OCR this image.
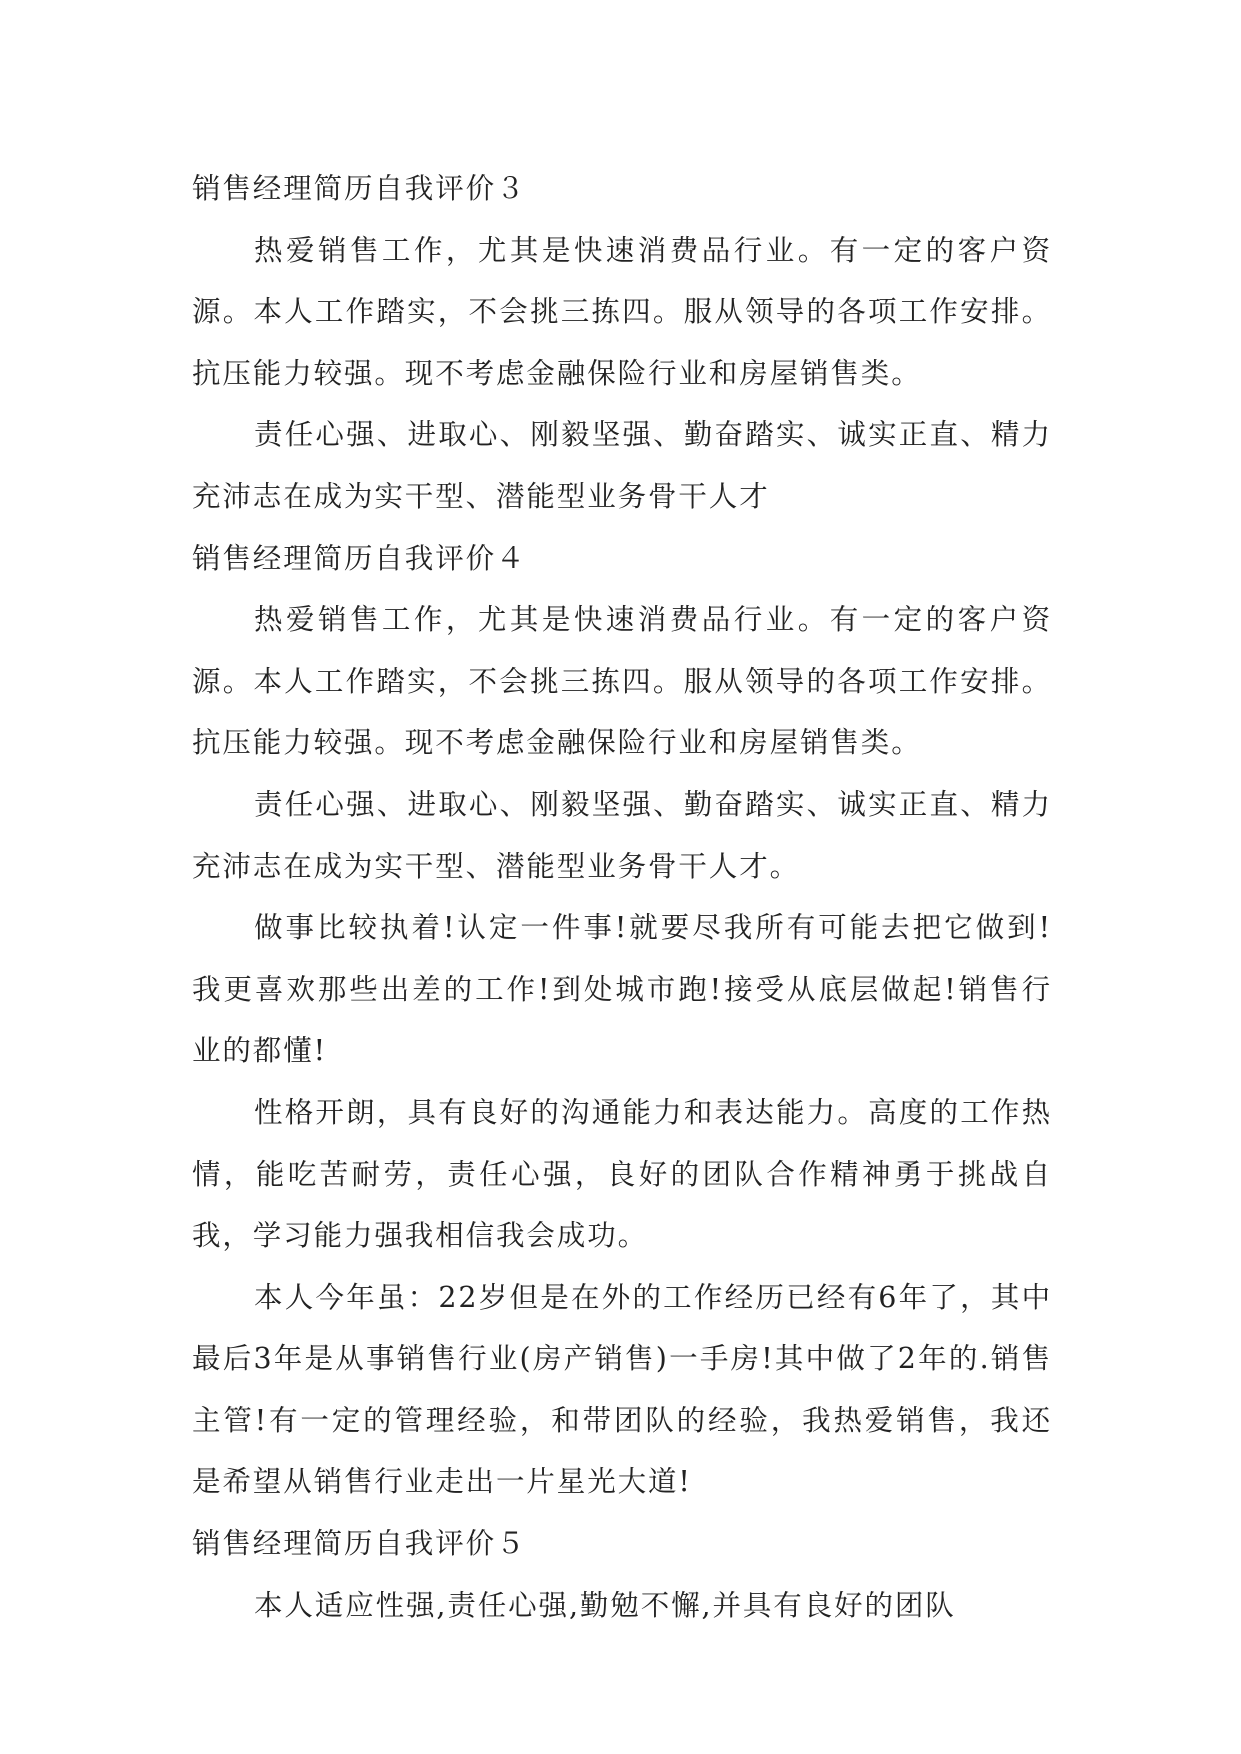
销售经理简历自我评价３

热爱销售工作，尤其是快速消费品行业。有一定的客户资源。本人工作踏实，不会挑三拣四。服从领导的各项工作安排。抗压能力较强。现不考虑金融保险行业和房屋销售类。

责任心强、进取心、刚毅坚强、勤奋踏实、诚实正直、精力充沛志在成为实干型、潜能型业务骨干人才

销售经理简历自我评价４

热爱销售工作，尤其是快速消费品行业。有一定的客户资源。本人工作踏实，不会挑三拣四。服从领导的各项工作安排。抗压能力较强。现不考虑金融保险行业和房屋销售类。

责任心强、进取心、刚毅坚强、勤奋踏实、诚实正直、精力充沛志在成为实干型、潜能型业务骨干人才。

做事比较执着!认定一件事!就要尽我所有可能去把它做到!我更喜欢那些出差的工作!到处城市跑!接受从底层做起!销售行业的都懂!

性格开朗，具有良好的沟通能力和表达能力。高度的工作热情，能吃苦耐劳，责任心强，良好的团队合作精神勇于挑战自我，学习能力强我相信我会成功。

本人今年虽：22岁但是在外的工作经历已经有6年了，其中最后3年是从事销售行业(房产销售)一手房!其中做了2年的.销售主管!有一定的管理经验，和带团队的经验，我热爱销售，我还是希望从销售行业走出一片星光大道!

销售经理简历自我评价５

本人适应性强,责任心强,勤勉不懈,并具有良好的团队
